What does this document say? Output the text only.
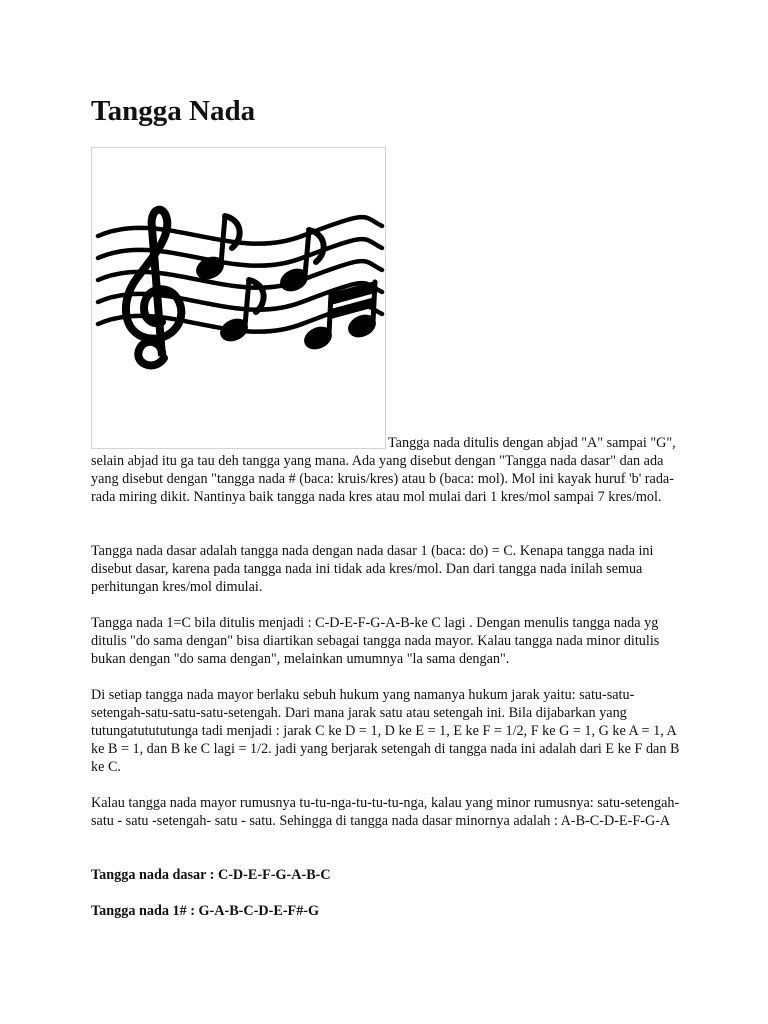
Tangga Nada

Tangga nada ditulis dengan abjad "A" sampai "G", selain abjad itu ga tau deh tangga yang mana. Ada yang disebut dengan "Tangga nada dasar" dan ada yang disebut dengan "tangga nada # (baca: kruis/kres) atau b (baca: mol). Mol ini kayak huruf 'b' rada-rada miring dikit. Nantinya baik tangga nada kres atau mol mulai dari 1 kres/mol sampai 7 kres/mol.

Tangga nada dasar adalah tangga nada dengan nada dasar 1 (baca: do) = C. Kenapa tangga nada ini disebut dasar, karena pada tangga nada ini tidak ada kres/mol. Dan dari tangga nada inilah semua perhitungan kres/mol dimulai.

Tangga nada 1=C bila ditulis menjadi : C-D-E-F-G-A-B-ke C lagi . Dengan menulis tangga nada yg ditulis "do sama dengan" bisa diartikan sebagai tangga nada mayor. Kalau tangga nada minor ditulis bukan dengan "do sama dengan", melainkan umumnya "la sama dengan".

Di setiap tangga nada mayor berlaku sebuh hukum yang namanya hukum jarak yaitu: satu-satu-setengah-satu-satu-satu-setengah. Dari mana jarak satu atau setengah ini. Bila dijabarkan yang tutungatutututunga tadi menjadi : jarak C ke D = 1, D ke E = 1, E ke F = 1/2, F ke G = 1, G ke A = 1, A ke B = 1, dan B ke C lagi = 1/2. jadi yang berjarak setengah di tangga nada ini adalah dari E ke F dan B ke C.

Kalau tangga nada mayor rumusnya tu-tu-nga-tu-tu-tu-nga, kalau yang minor rumusnya: satu-setengah- satu - satu -setengah- satu - satu. Sehingga di tangga nada dasar minornya adalah : A-B-C-D-E-F-G-A

Tangga nada dasar : C-D-E-F-G-A-B-C

Tangga nada 1# : G-A-B-C-D-E-F#-G
